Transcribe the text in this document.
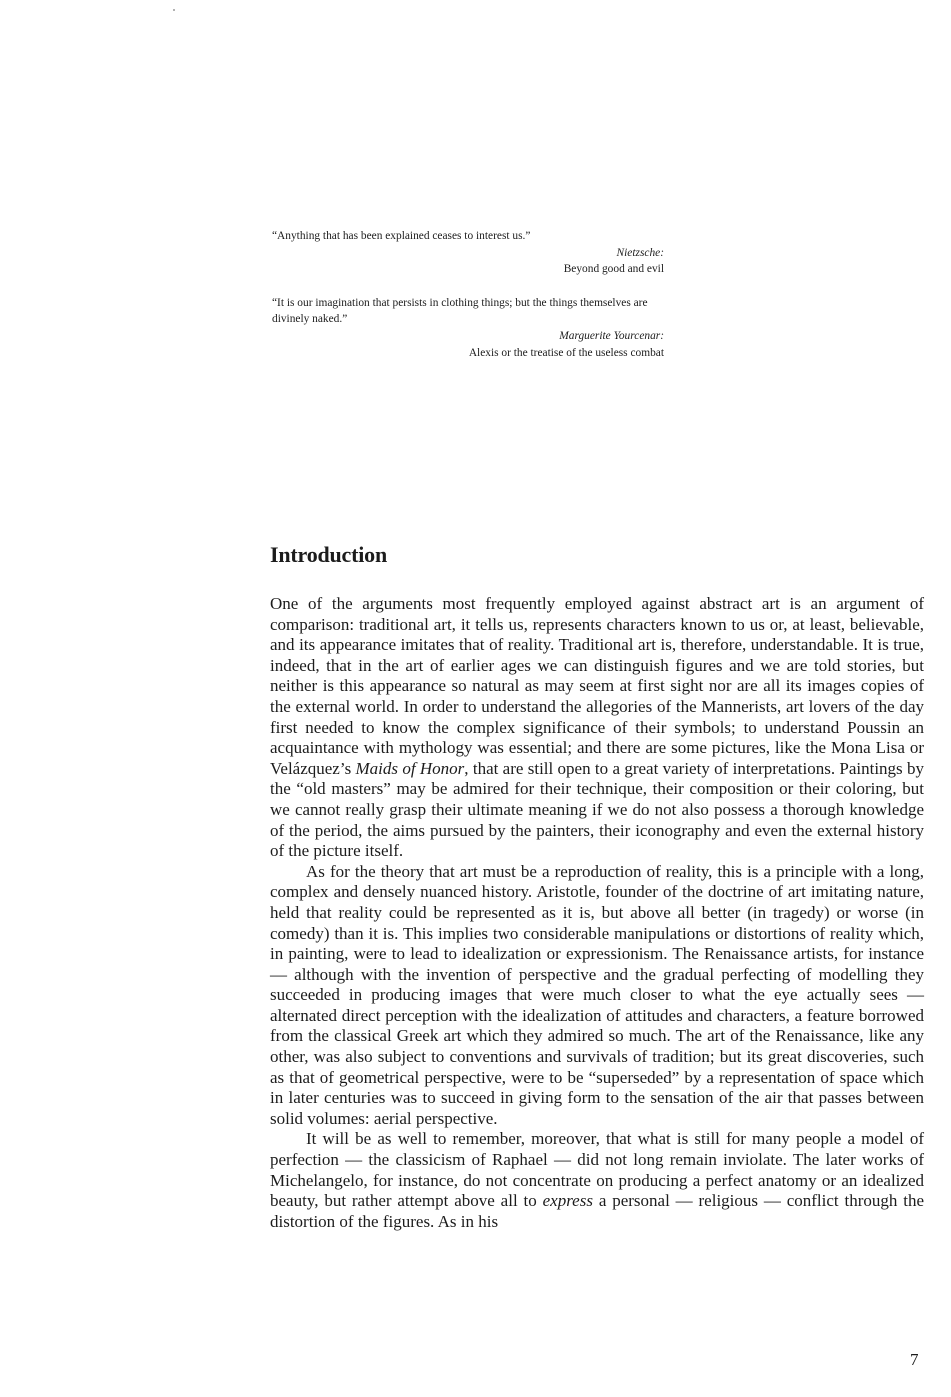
“Anything that has been explained ceases to interest us.”

Nietzsche:

Beyond good and evil

“It is our imagination that persists in clothing things; but the things themselves are divinely naked.”

Marguerite Yourcenar:

Alexis or the treatise of the useless combat

Introduction

One of the arguments most frequently employed against abstract art is an argument of comparison: traditional art, it tells us, represents characters known to us or, at least, believable, and its appearance imitates that of reality. Traditional art is, therefore, understandable. It is true, indeed, that in the art of earlier ages we can distinguish figures and we are told stories, but neither is this appearance so natural as may seem at first sight nor are all its images copies of the external world. In order to understand the allegories of the Mannerists, art lovers of the day first needed to know the complex significance of their symbols; to understand Poussin an acquaintance with mythology was essential; and there are some pictures, like the Mona Lisa or Velázquez’s Maids of Honor, that are still open to a great variety of interpretations. Paintings by the “old masters” may be admired for their technique, their composition or their coloring, but we cannot really grasp their ultimate meaning if we do not also possess a thorough knowledge of the period, the aims pursued by the painters, their iconography and even the external history of the picture itself.

As for the theory that art must be a reproduction of reality, this is a principle with a long, complex and densely nuanced history. Aristotle, founder of the doctrine of art imitating nature, held that reality could be represented as it is, but above all better (in tragedy) or worse (in comedy) than it is. This implies two considerable manipulations or distortions of reality which, in painting, were to lead to idealization or expressionism. The Renaissance artists, for instance — although with the invention of perspective and the gradual perfecting of modelling they succeeded in producing images that were much closer to what the eye actually sees — alternated direct perception with the idealization of attitudes and characters, a feature borrowed from the classical Greek art which they admired so much. The art of the Renaissance, like any other, was also subject to conventions and survivals of tradition; but its great discoveries, such as that of geometrical perspective, were to be “superseded” by a representation of space which in later centuries was to succeed in giving form to the sensation of the air that passes between solid volumes: aerial perspective.

It will be as well to remember, moreover, that what is still for many people a model of perfection — the classicism of Raphael — did not long remain inviolate. The later works of Michelangelo, for instance, do not concentrate on producing a perfect anatomy or an idealized beauty, but rather attempt above all to express a personal — religious — conflict through the distortion of the figures. As in his

7
